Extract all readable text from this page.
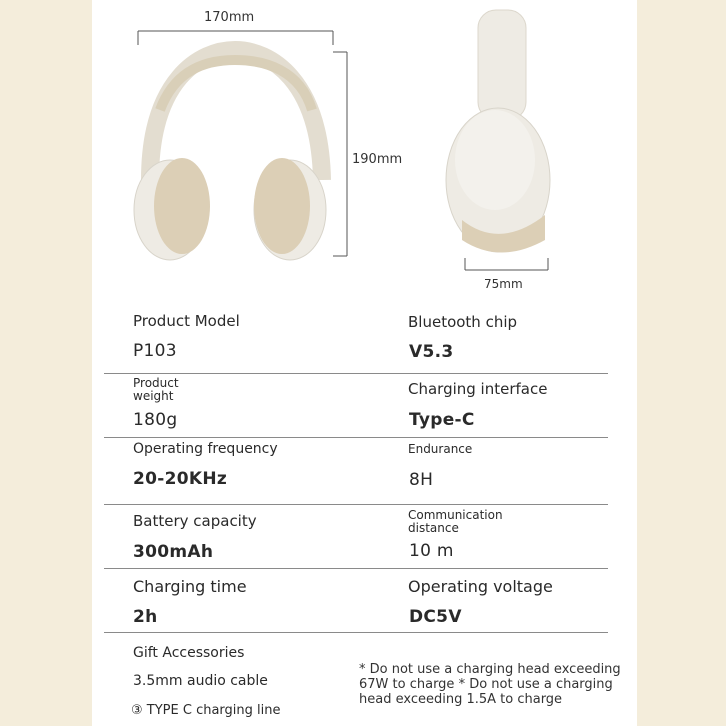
170mm
190mm
75mm
Product Model
P103
Bluetooth chip
V5.3
Product weight
180g
Charging interface
Type-C
Operating frequency
20-20KHz
Endurance
8H
Battery capacity
300mAh
Communication distance
10 m
Charging time
2h
Operating voltage
DC5V
Gift Accessories
3.5mm audio cable
③ TYPE C charging line
* Do not use a charging head exceeding 67W to charge * Do not use a charging head exceeding 1.5A to charge
